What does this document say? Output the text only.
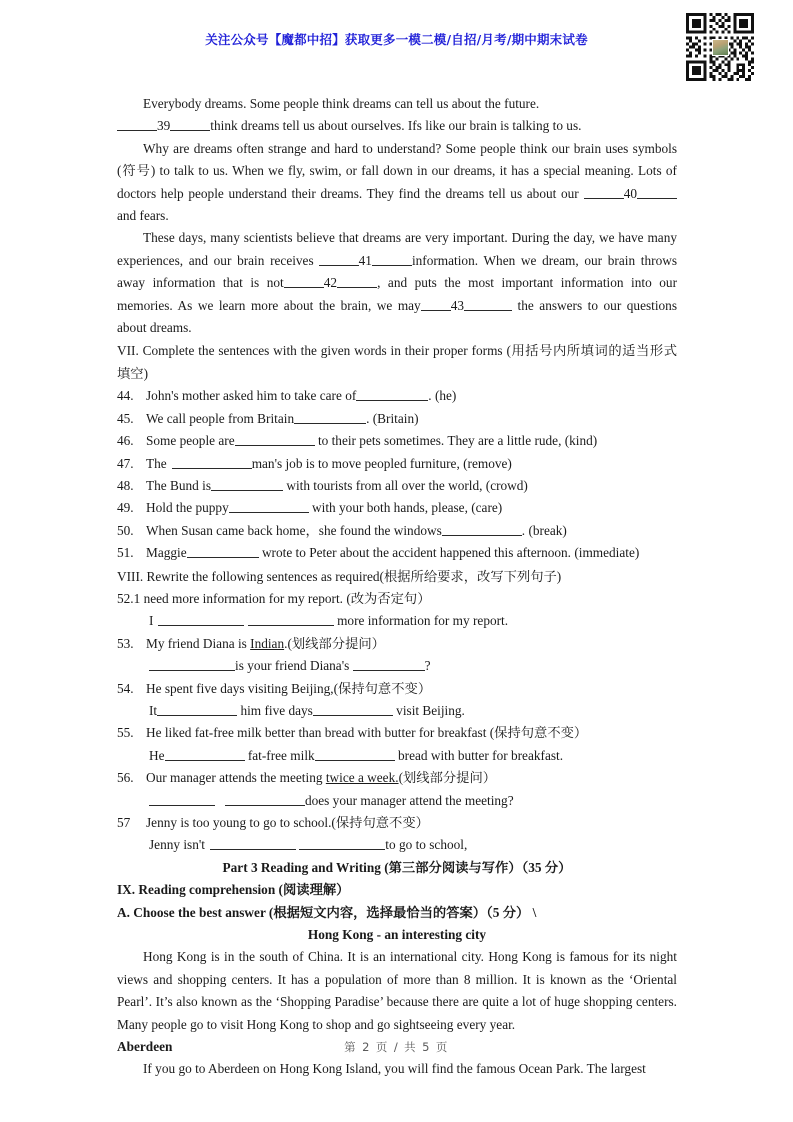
关注公众号【魔都中招】获取更多一模二模/自招/月考/期中期末试卷

Everybody dreams. Some people think dreams can tell us about the future.

39	think dreams tell us about ourselves. Ifs like our brain is talking to us.

Why are dreams often strange and hard to understand? Some people think our brain uses symbols (符号) to talk to us. When we fly, swim, or fall down in our dreams, it has a special meaning. Lots of doctors help people understand their dreams. They find the dreams tell us about our	40and fears.

These days, many scientists believe that dreams are very important. During the day, we have many experiences, and our brain receives	41	information. When we dream, our brain throws away information that is not	42	, and puts the most important information into our memories. As we learn more about the brain, we may 43	the answers to our questions about dreams.

VII. Complete the sentences with the given words in their proper forms (用括号内所填词的适当形式填空)

44. John's mother asked him to take care of	. (he)
45. We call people from Britain	. (Britain)
46. Some people are	to their pets sometimes. They are a little rude, (kind)
47. The	man's job is to move peopled furniture, (remove)
48. The Bund is	with tourists from all over the world, (crowd)
49. Hold the puppy	with your both hands, please, (care)
50. When Susan came back home，she found the windows	. (break)
51. Maggie	wrote to Peter about the accident happened this afternoon. (immediate)

VIII. Rewrite the following sentences as required(根据所给要求，改写下列句子)

52.1 need more information for my report. (改为否定句）

I	more information for my report.

53. My friend Diana is Indian.(划线部分提问）

is your friend Diana's	?

54. He spent five days visiting Beijing,(保持句意不变）

It	him five days	visit Beijing.

55. He liked fat-free milk better than bread with butter for breakfast (保持句意不变）

He	fat-free milk	bread with butter for breakfast.

56. Our manager attends the meeting twice a week.(划线部分提问）

does your manager attend the meeting?

57	Jenny is too young to go to school.(保持句意不变）

Jenny isn't	to go to school,

Part 3 Reading and Writing (第三部分阅读与写作）（35 分）

IX. Reading comprehension (阅读理解）

A. Choose the best answer (根据短文内容，选择最恰当的答案）（5 分） \

Hong Kong - an interesting city

Hong Kong is in the south of China. It is an international city. Hong Kong is famous for its night views and shopping centers. It has a population of more than 8 million. It is known as the ‘Oriental Pearl’. It’s also known as the ‘Shopping Paradise’ because there are quite a lot of huge shopping centers. Many people go to visit Hong Kong to shop and go sightseeing every year.

Aberdeen

If you go to Aberdeen on Hong Kong Island, you will find the famous Ocean Park. The largest

第 2 页 / 共 5 页
